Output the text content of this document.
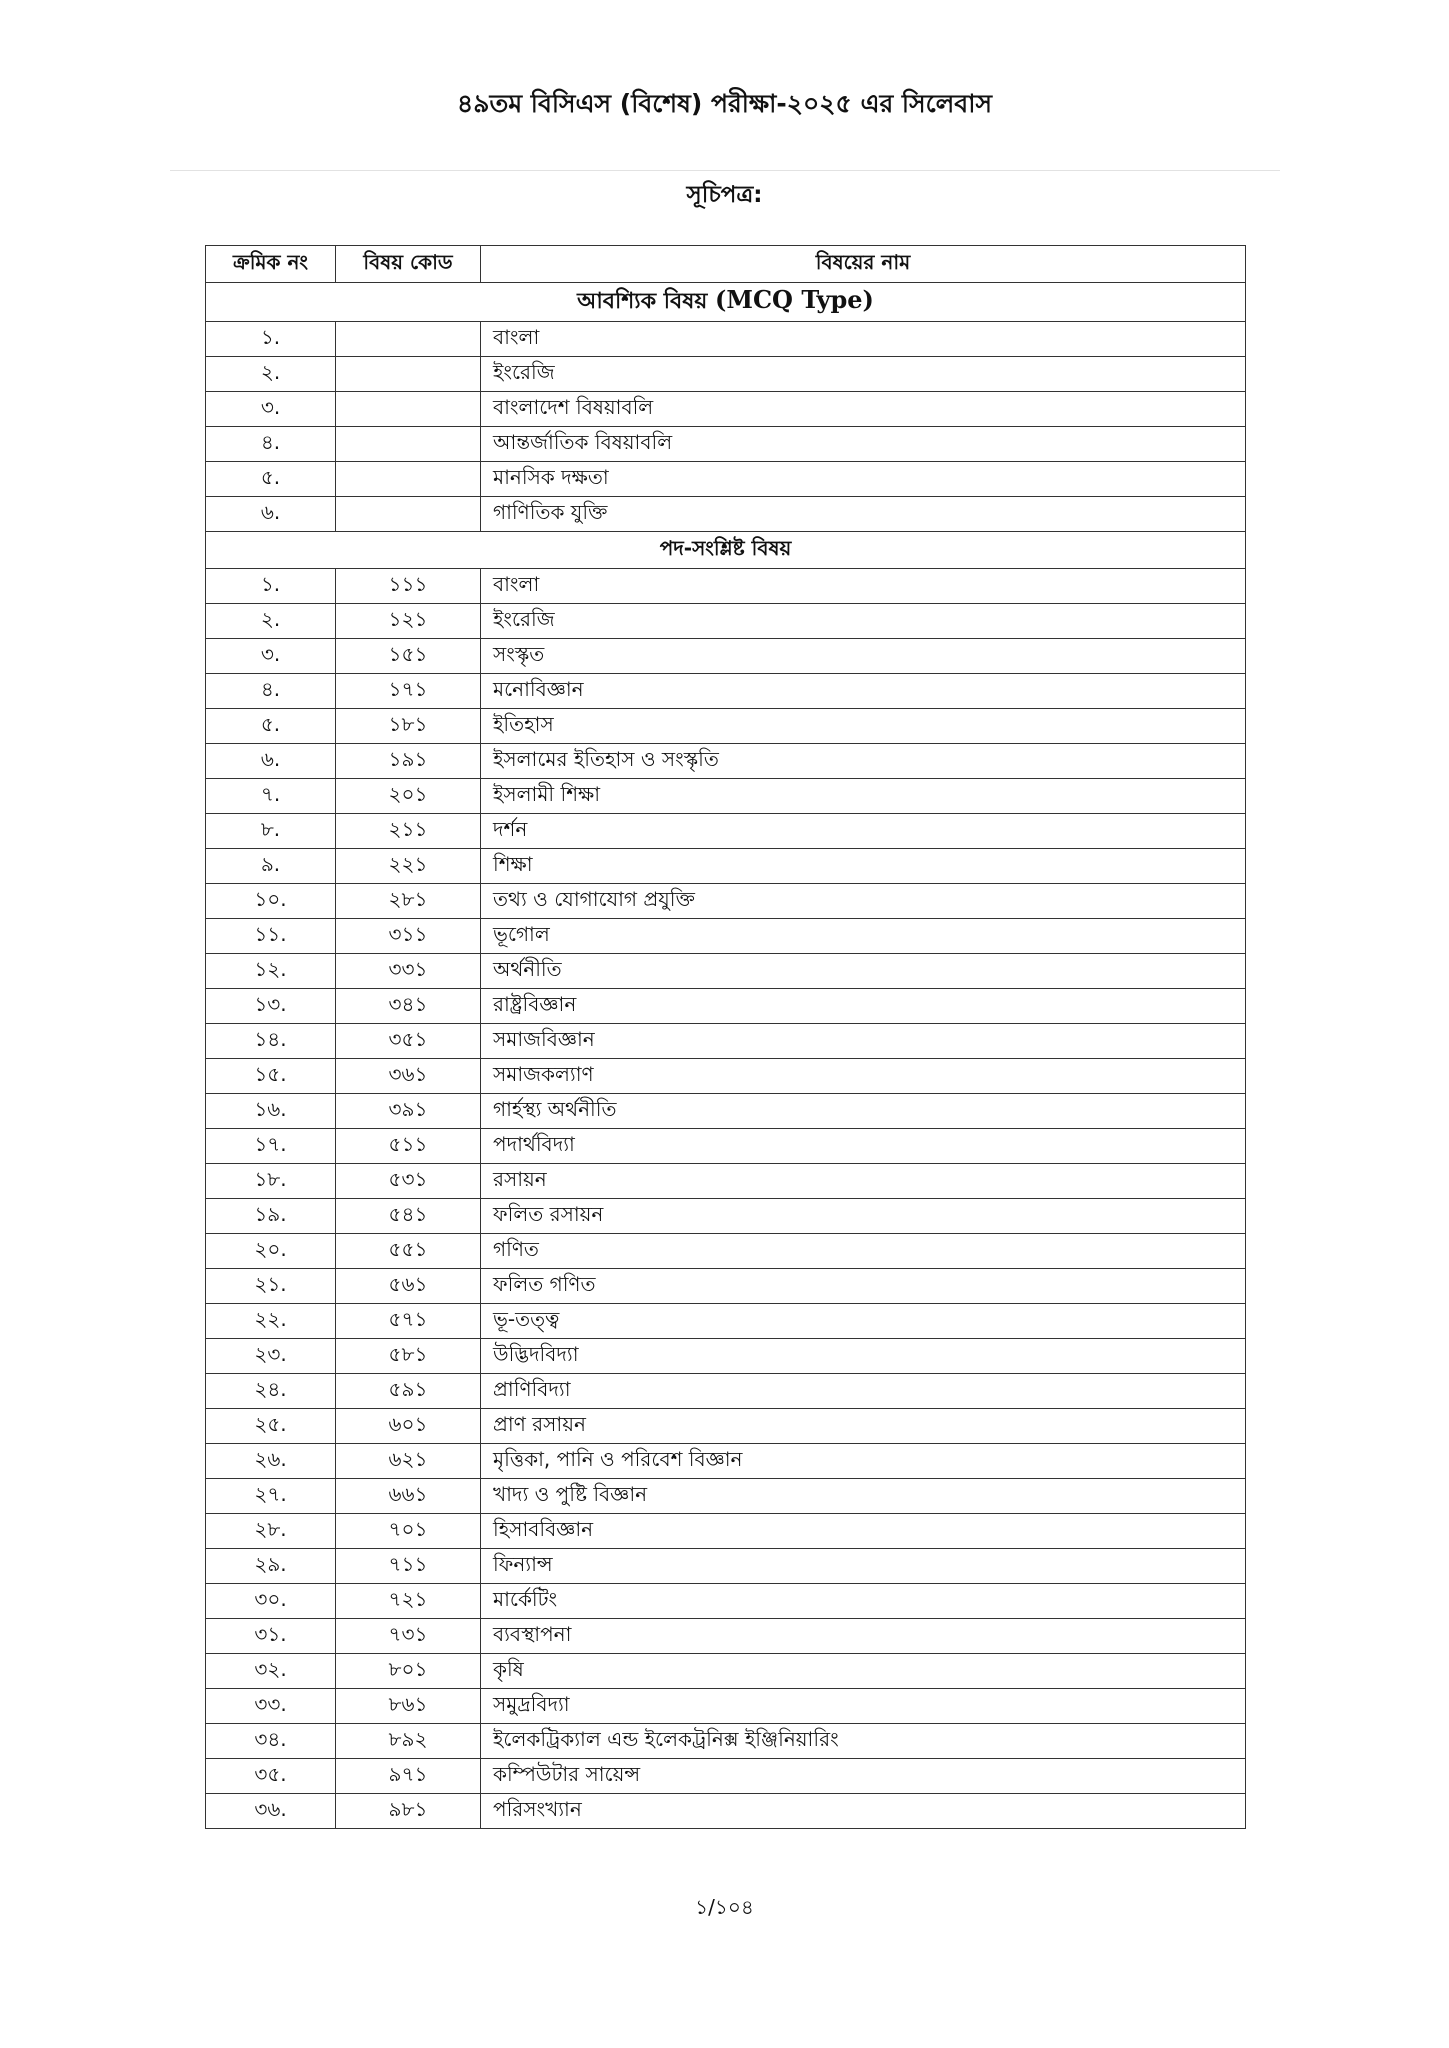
৪৯তম বিসিএস (বিশেষ) পরীক্ষা-২০২৫ এর সিলেবাস
সূচিপত্র:
ক্রমিক নং	বিষয় কোড	বিষয়ের নাম
আবশ্যিক বিষয় (MCQ Type)		
১.		বাংলা
২.		ইংরেজি
৩.		বাংলাদেশ বিষয়াবলি
৪.		আন্তর্জাতিক বিষয়াবলি
৫.		মানসিক দক্ষতা
৬.		গাণিতিক যুক্তি
পদ-সংশ্লিষ্ট বিষয়		
১.	১১১	বাংলা
২.	১২১	ইংরেজি
৩.	১৫১	সংস্কৃত
৪.	১৭১	মনোবিজ্ঞান
৫.	১৮১	ইতিহাস
৬.	১৯১	ইসলামের ইতিহাস ও সংস্কৃতি
৭.	২০১	ইসলামী শিক্ষা
৮.	২১১	দর্শন
৯.	২২১	শিক্ষা
১০.	২৮১	তথ্য ও যোগাযোগ প্রযুক্তি
১১.	৩১১	ভূগোল
১২.	৩৩১	অর্থনীতি
১৩.	৩৪১	রাষ্ট্রবিজ্ঞান
১৪.	৩৫১	সমাজবিজ্ঞান
১৫.	৩৬১	সমাজকল্যাণ
১৬.	৩৯১	গার্হস্থ্য অর্থনীতি
১৭.	৫১১	পদার্থবিদ্যা
১৮.	৫৩১	রসায়ন
১৯.	৫৪১	ফলিত রসায়ন
২০.	৫৫১	গণিত
২১.	৫৬১	ফলিত গণিত
২২.	৫৭১	ভূ-তত্ত্ব
২৩.	৫৮১	উদ্ভিদবিদ্যা
২৪.	৫৯১	প্রাণিবিদ্যা
২৫.	৬০১	প্রাণ রসায়ন
২৬.	৬২১	মৃত্তিকা, পানি ও পরিবেশ বিজ্ঞান
২৭.	৬৬১	খাদ্য ও পুষ্টি বিজ্ঞান
২৮.	৭০১	হিসাববিজ্ঞান
২৯.	৭১১	ফিন্যান্স
৩০.	৭২১	মার্কেটিং
৩১.	৭৩১	ব্যবস্থাপনা
৩২.	৮০১	কৃষি
৩৩.	৮৬১	সমুদ্রবিদ্যা
৩৪.	৮৯২	ইলেকট্রিক্যাল এন্ড ইলেকট্রনিক্স ইঞ্জিনিয়ারিং
৩৫.	৯৭১	কম্পিউটার সায়েন্স
৩৬.	৯৮১	পরিসংখ্যান
১/১০৪
